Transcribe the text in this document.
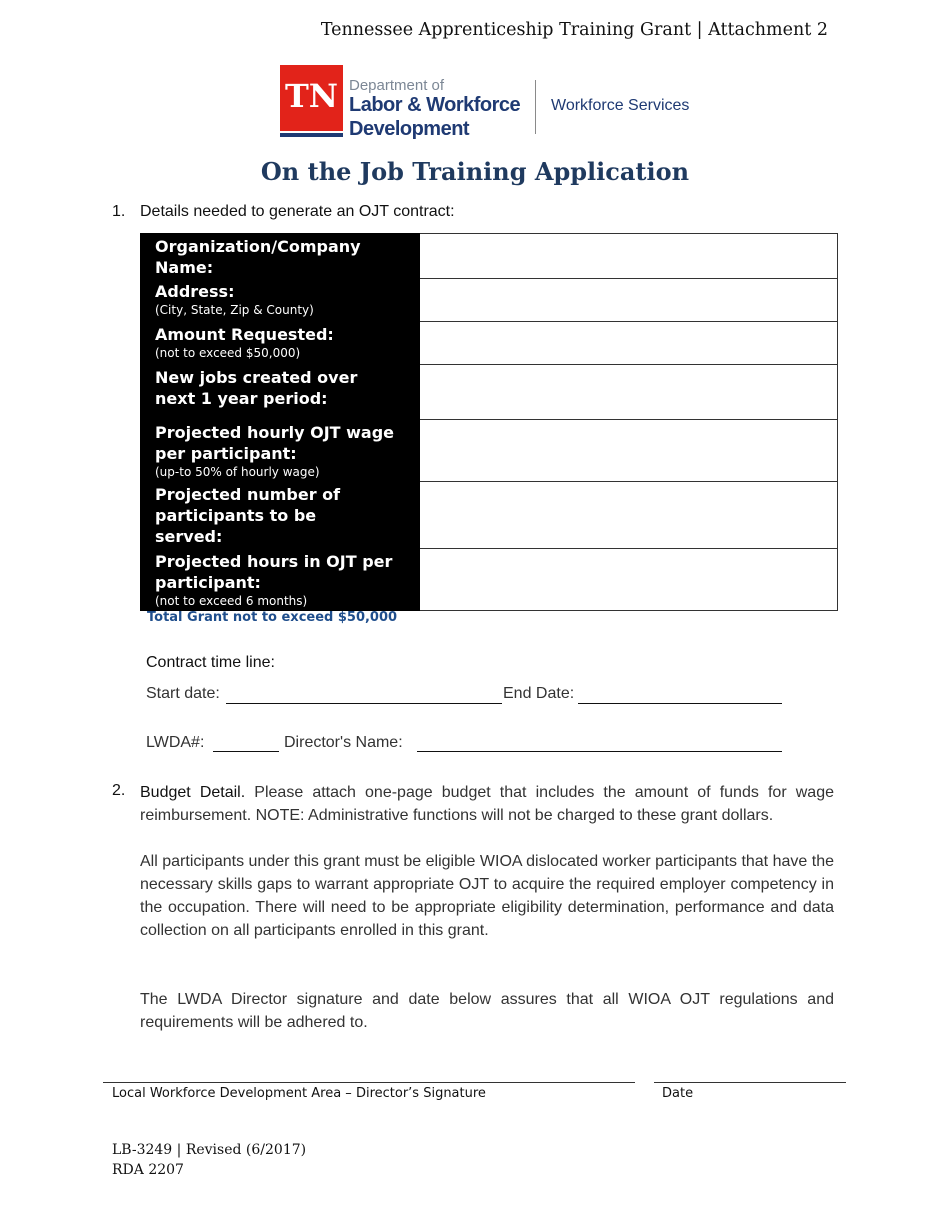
Tennessee Apprenticeship Training Grant | Attachment 2
TN Department of
Labor & Workforce
Development
Workforce Services
On the Job Training Application
1. Details needed to generate an OJT contract:
Organization/Company Name:	

Address:
(City, State, Zip & County)	

Amount Requested:
(not to exceed $50,000)	

New jobs created over next 1 year period:	

Projected hourly OJT wage per participant:
(up-to 50% of hourly wage)	

Projected number of participants to be served:	

Projected hours in OJT per participant:
(not to exceed 6 months)	

Total Grant not to exceed $50,000
Contract time line:
Start date:	End Date:
LWDA#:	Director's Name:
2. Budget Detail. Please attach one-page budget that includes the amount of funds for wage reimbursement. NOTE: Administrative functions will not be charged to these grant dollars.
All participants under this grant must be eligible WIOA dislocated worker participants that have the necessary skills gaps to warrant appropriate OJT to acquire the required employer competency in the occupation. There will need to be appropriate eligibility determination, performance and data collection on all participants enrolled in this grant.
The LWDA Director signature and date below assures that all WIOA OJT regulations and requirements will be adhered to.
Local Workforce Development Area – Director’s Signature	Date
LB-3249 | Revised (6/2017)
RDA 2207
